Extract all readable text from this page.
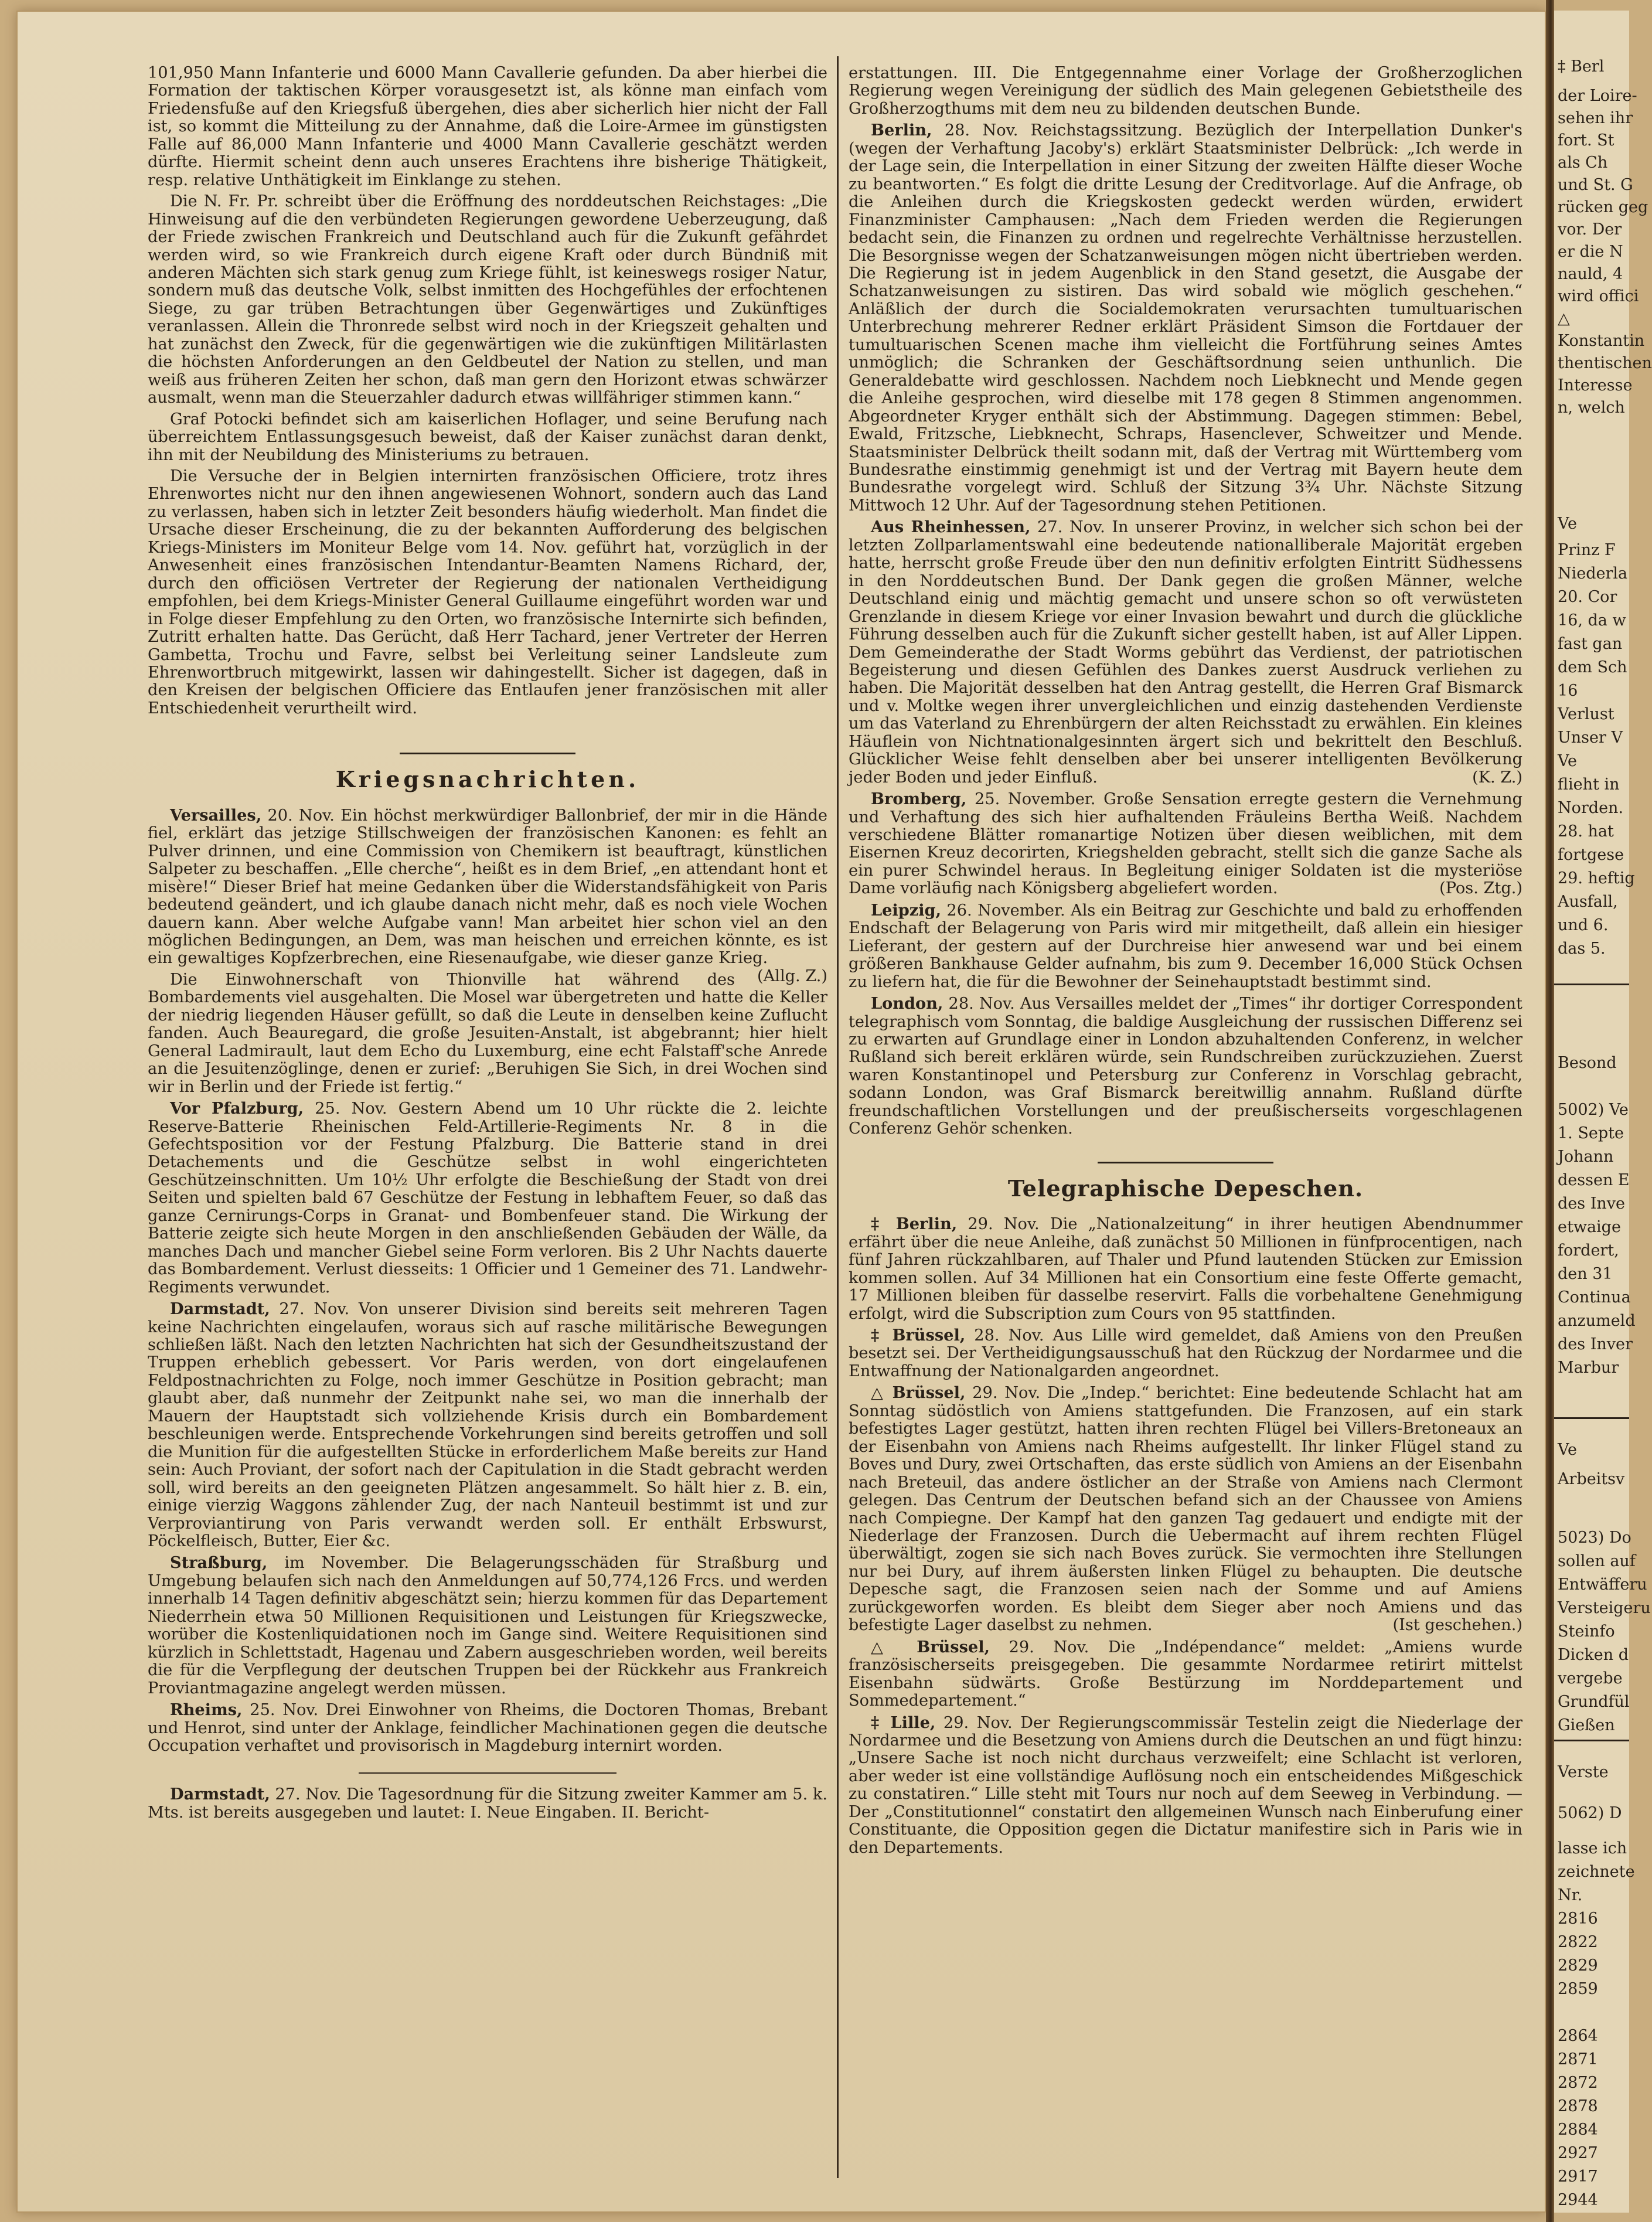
‡ Berl
der Loire-
sehen ihr
fort. St
als Ch
und St. G
rücken geg
vor. Der
er die N
nauld, 4
wird offici
△
Konstantin
thentischen
Interesse
n, welch
Ve
Prinz F
Niederla
20. Cor
16, da w
fast gan
dem Sch
16
Verlust
Unser V
Ve
flieht in
Norden.
28. hat
fortgese
29. heftig
Ausfall,
und 6.
das 5.
Besond
5002) Ve
1. Septe
Johann
dessen E
des Inve
etwaige
fordert,
den 31
Continua
anzumeld
des Inver
Marbur
Ve
Arbeitsv
5023) Do
sollen auf
Entwäfferu
Versteigeru
Steinfo
Dicken d
vergebe
Grundfül
Gießen
Verste
5062) D
lasse ich
zeichnete
Nr.
2816
2822
2829
2859
2864
2871
2872
2878
2884
2927
2917
2944

101,950 Mann Infanterie und 6000 Mann Cavallerie gefunden. Da aber hierbei die Formation der taktischen Körper vorausgesetzt ist, als könne man einfach vom Friedensfuße auf den Kriegsfuß übergehen, dies aber sicherlich hier nicht der Fall ist, so kommt die Mitteilung zu der Annahme, daß die Loire-Armee im günstigsten Falle auf 86,000 Mann Infanterie und 4000 Mann Cavallerie geschätzt werden dürfte. Hiermit scheint denn auch unseres Erachtens ihre bisherige Thätigkeit, resp. relative Unthätigkeit im Einklange zu stehen.

Die N. Fr. Pr. schreibt über die Eröffnung des norddeutschen Reichstages: „Die Hinweisung auf die den verbündeten Regierungen gewordene Ueberzeugung, daß der Friede zwischen Frankreich und Deutschland auch für die Zukunft gefährdet werden wird, so wie Frankreich durch eigene Kraft oder durch Bündniß mit anderen Mächten sich stark genug zum Kriege fühlt, ist keineswegs rosiger Natur, sondern muß das deutsche Volk, selbst inmitten des Hochgefühles der erfochtenen Siege, zu gar trüben Betrachtungen über Gegenwärtiges und Zukünftiges veranlassen. Allein die Thronrede selbst wird noch in der Kriegszeit gehalten und hat zunächst den Zweck, für die gegenwärtigen wie die zukünftigen Militärlasten die höchsten Anforderungen an den Geldbeutel der Nation zu stellen, und man weiß aus früheren Zeiten her schon, daß man gern den Horizont etwas schwärzer ausmalt, wenn man die Steuerzahler dadurch etwas willfähriger stimmen kann.“

Graf Potocki befindet sich am kaiserlichen Hoflager, und seine Berufung nach überreichtem Entlassungsgesuch beweist, daß der Kaiser zunächst daran denkt, ihn mit der Neubildung des Ministeriums zu betrauen.

Die Versuche der in Belgien internirten französischen Officiere, trotz ihres Ehrenwortes nicht nur den ihnen angewiesenen Wohnort, sondern auch das Land zu verlassen, haben sich in letzter Zeit besonders häufig wiederholt. Man findet die Ursache dieser Erscheinung, die zu der bekannten Aufforderung des belgischen Kriegs-Ministers im Moniteur Belge vom 14. Nov. geführt hat, vorzüglich in der Anwesenheit eines französischen Intendantur-Beamten Namens Richard, der, durch den officiösen Vertreter der Regierung der nationalen Vertheidigung empfohlen, bei dem Kriegs-Minister General Guillaume eingeführt worden war und in Folge dieser Empfehlung zu den Orten, wo französische Internirte sich befinden, Zutritt erhalten hatte. Das Gerücht, daß Herr Tachard, jener Vertreter der Herren Gambetta, Trochu und Favre, selbst bei Verleitung seiner Landsleute zum Ehrenwortbruch mitgewirkt, lassen wir dahingestellt. Sicher ist dagegen, daß in den Kreisen der belgischen Officiere das Entlaufen jener französischen mit aller Entschiedenheit verurtheilt wird.

Kriegsnachrichten.

Versailles, 20. Nov. Ein höchst merkwürdiger Ballonbrief, der mir in die Hände fiel, erklärt das jetzige Stillschweigen der französischen Kanonen: es fehlt an Pulver drinnen, und eine Commission von Chemikern ist beauftragt, künstlichen Salpeter zu beschaffen. „Elle cherche“, heißt es in dem Brief, „en attendant hont et misère!“ Dieser Brief hat meine Gedanken über die Widerstandsfähigkeit von Paris bedeutend geändert, und ich glaube danach nicht mehr, daß es noch viele Wochen dauern kann. Aber welche Aufgabe vann! Man arbeitet hier schon viel an den möglichen Bedingungen, an Dem, was man heischen und erreichen könnte, es ist ein gewaltiges Kopfzerbrechen, eine Riesenaufgabe, wie dieser ganze Krieg.
(Allg. Z.)

Die Einwohnerschaft von Thionville hat während des Bombardements viel ausgehalten. Die Mosel war übergetreten und hatte die Keller der niedrig liegenden Häuser gefüllt, so daß die Leute in denselben keine Zuflucht fanden. Auch Beauregard, die große Jesuiten-Anstalt, ist abgebrannt; hier hielt General Ladmirault, laut dem Echo du Luxemburg, eine echt Falstaff'sche Anrede an die Jesuitenzöglinge, denen er zurief: „Beruhigen Sie Sich, in drei Wochen sind wir in Berlin und der Friede ist fertig.“

Vor Pfalzburg, 25. Nov. Gestern Abend um 10 Uhr rückte die 2. leichte Reserve-Batterie Rheinischen Feld-Artillerie-Regiments Nr. 8 in die Gefechtsposition vor der Festung Pfalzburg. Die Batterie stand in drei Detachements und die Geschütze selbst in wohl eingerichteten Geschützeinschnitten. Um 10½ Uhr erfolgte die Beschießung der Stadt von drei Seiten und spielten bald 67 Geschütze der Festung in lebhaftem Feuer, so daß das ganze Cernirungs-Corps in Granat- und Bombenfeuer stand. Die Wirkung der Batterie zeigte sich heute Morgen in den anschließenden Gebäuden der Wälle, da manches Dach und mancher Giebel seine Form verloren. Bis 2 Uhr Nachts dauerte das Bombardement. Verlust diesseits: 1 Officier und 1 Gemeiner des 71. Landwehr-Regiments verwundet.

Darmstadt, 27. Nov. Von unserer Division sind bereits seit mehreren Tagen keine Nachrichten eingelaufen, woraus sich auf rasche militärische Bewegungen schließen läßt. Nach den letzten Nachrichten hat sich der Gesundheitszustand der Truppen erheblich gebessert. Vor Paris werden, von dort eingelaufenen Feldpostnachrichten zu Folge, noch immer Geschütze in Position gebracht; man glaubt aber, daß nunmehr der Zeitpunkt nahe sei, wo man die innerhalb der Mauern der Hauptstadt sich vollziehende Krisis durch ein Bombardement beschleunigen werde. Entsprechende Vorkehrungen sind bereits getroffen und soll die Munition für die aufgestellten Stücke in erforderlichem Maße bereits zur Hand sein: Auch Proviant, der sofort nach der Capitulation in die Stadt gebracht werden soll, wird bereits an den geeigneten Plätzen angesammelt. So hält hier z. B. ein, einige vierzig Waggons zählender Zug, der nach Nanteuil bestimmt ist und zur Verproviantirung von Paris verwandt werden soll. Er enthält Erbswurst, Pöckelfleisch, Butter, Eier &c.

Straßburg, im November. Die Belagerungsschäden für Straßburg und Umgebung belaufen sich nach den Anmeldungen auf 50,774,126 Frcs. und werden innerhalb 14 Tagen definitiv abgeschätzt sein; hierzu kommen für das Departement Niederrhein etwa 50 Millionen Requisitionen und Leistungen für Kriegszwecke, worüber die Kostenliquidationen noch im Gange sind. Weitere Requisitionen sind kürzlich in Schlettstadt, Hagenau und Zabern ausgeschrieben worden, weil bereits die für die Verpflegung der deutschen Truppen bei der Rückkehr aus Frankreich Proviantmagazine angelegt werden müssen.

Rheims, 25. Nov. Drei Einwohner von Rheims, die Doctoren Thomas, Brebant und Henrot, sind unter der Anklage, feindlicher Machinationen gegen die deutsche Occupation verhaftet und provisorisch in Magdeburg internirt worden.

Darmstadt, 27. Nov. Die Tagesordnung für die Sitzung zweiter Kammer am 5. k. Mts. ist bereits ausgegeben und lautet: I. Neue Eingaben. II. Bericht-

erstattungen. III. Die Entgegennahme einer Vorlage der Großherzoglichen Regierung wegen Vereinigung der südlich des Main gelegenen Gebietstheile des Großherzogthums mit dem neu zu bildenden deutschen Bunde.

Berlin, 28. Nov. Reichstagssitzung. Bezüglich der Interpellation Dunker's (wegen der Verhaftung Jacoby's) erklärt Staatsminister Delbrück: „Ich werde in der Lage sein, die Interpellation in einer Sitzung der zweiten Hälfte dieser Woche zu beantworten.“ Es folgt die dritte Lesung der Creditvorlage. Auf die Anfrage, ob die Anleihen durch die Kriegskosten gedeckt werden würden, erwidert Finanzminister Camphausen: „Nach dem Frieden werden die Regierungen bedacht sein, die Finanzen zu ordnen und regelrechte Verhältnisse herzustellen. Die Besorgnisse wegen der Schatzanweisungen mögen nicht übertrieben werden. Die Regierung ist in jedem Augenblick in den Stand gesetzt, die Ausgabe der Schatzanweisungen zu sistiren. Das wird sobald wie möglich geschehen.“ Anläßlich der durch die Socialdemokraten verursachten tumultuarischen Unterbrechung mehrerer Redner erklärt Präsident Simson die Fortdauer der tumultuarischen Scenen mache ihm vielleicht die Fortführung seines Amtes unmöglich; die Schranken der Geschäftsordnung seien unthunlich. Die Generaldebatte wird geschlossen. Nachdem noch Liebknecht und Mende gegen die Anleihe gesprochen, wird dieselbe mit 178 gegen 8 Stimmen angenommen. Abgeordneter Kryger enthält sich der Abstimmung. Dagegen stimmen: Bebel, Ewald, Fritzsche, Liebknecht, Schraps, Hasenclever, Schweitzer und Mende. Staatsminister Delbrück theilt sodann mit, daß der Vertrag mit Württemberg vom Bundesrathe einstimmig genehmigt ist und der Vertrag mit Bayern heute dem Bundesrathe vorgelegt wird. Schluß der Sitzung 3¾ Uhr. Nächste Sitzung Mittwoch 12 Uhr. Auf der Tagesordnung stehen Petitionen.

Aus Rheinhessen, 27. Nov. In unserer Provinz, in welcher sich schon bei der letzten Zollparlamentswahl eine bedeutende nationalliberale Majorität ergeben hatte, herrscht große Freude über den nun definitiv erfolgten Eintritt Südhessens in den Norddeutschen Bund. Der Dank gegen die großen Männer, welche Deutschland einig und mächtig gemacht und unsere schon so oft verwüsteten Grenzlande in diesem Kriege vor einer Invasion bewahrt und durch die glückliche Führung desselben auch für die Zukunft sicher gestellt haben, ist auf Aller Lippen. Dem Gemeinderathe der Stadt Worms gebührt das Verdienst, der patriotischen Begeisterung und diesen Gefühlen des Dankes zuerst Ausdruck verliehen zu haben. Die Majorität desselben hat den Antrag gestellt, die Herren Graf Bismarck und v. Moltke wegen ihrer unvergleichlichen und einzig dastehenden Verdienste um das Vaterland zu Ehrenbürgern der alten Reichsstadt zu erwählen. Ein kleines Häuflein von Nichtnationalgesinnten ärgert sich und bekrittelt den Beschluß. Glücklicher Weise fehlt denselben aber bei unserer intelligenten Bevölkerung jeder Boden und jeder Einfluß.	(K. Z.)

Bromberg, 25. November. Große Sensation erregte gestern die Vernehmung und Verhaftung des sich hier aufhaltenden Fräuleins Bertha Weiß. Nachdem verschiedene Blätter romanartige Notizen über diesen weiblichen, mit dem Eisernen Kreuz decorirten, Kriegshelden gebracht, stellt sich die ganze Sache als ein purer Schwindel heraus. In Begleitung einiger Soldaten ist die mysteriöse Dame vorläufig nach Königsberg abgeliefert worden.	(Pos. Ztg.)

Leipzig, 26. November. Als ein Beitrag zur Geschichte und bald zu erhoffenden Endschaft der Belagerung von Paris wird mir mitgetheilt, daß allein ein hiesiger Lieferant, der gestern auf der Durchreise hier anwesend war und bei einem größeren Bankhause Gelder aufnahm, bis zum 9. December 16,000 Stück Ochsen zu liefern hat, die für die Bewohner der Seinehauptstadt bestimmt sind.

London, 28. Nov. Aus Versailles meldet der „Times“ ihr dortiger Correspondent telegraphisch vom Sonntag, die baldige Ausgleichung der russischen Differenz sei zu erwarten auf Grundlage einer in London abzuhaltenden Conferenz, in welcher Rußland sich bereit erklären würde, sein Rundschreiben zurückzuziehen. Zuerst waren Konstantinopel und Petersburg zur Conferenz in Vorschlag gebracht, sodann London, was Graf Bismarck bereitwillig annahm. Rußland dürfte freundschaftlichen Vorstellungen und der preußischerseits vorgeschlagenen Conferenz Gehör schenken.

Telegraphische Depeschen.

‡ Berlin, 29. Nov. Die „Nationalzeitung“ in ihrer heutigen Abendnummer erfährt über die neue Anleihe, daß zunächst 50 Millionen in fünfprocentigen, nach fünf Jahren rückzahlbaren, auf Thaler und Pfund lautenden Stücken zur Emission kommen sollen. Auf 34 Millionen hat ein Consortium eine feste Offerte gemacht, 17 Millionen bleiben für dasselbe reservirt. Falls die vorbehaltene Genehmigung erfolgt, wird die Subscription zum Cours von 95 stattfinden.

‡ Brüssel, 28. Nov. Aus Lille wird gemeldet, daß Amiens von den Preußen besetzt sei. Der Vertheidigungsausschuß hat den Rückzug der Nordarmee und die Entwaffnung der Nationalgarden angeordnet.

△ Brüssel, 29. Nov. Die „Indep.“ berichtet: Eine bedeutende Schlacht hat am Sonntag südöstlich von Amiens stattgefunden. Die Franzosen, auf ein stark befestigtes Lager gestützt, hatten ihren rechten Flügel bei Villers-Bretoneaux an der Eisenbahn von Amiens nach Rheims aufgestellt. Ihr linker Flügel stand zu Boves und Dury, zwei Ortschaften, das erste südlich von Amiens an der Eisenbahn nach Breteuil, das andere östlicher an der Straße von Amiens nach Clermont gelegen. Das Centrum der Deutschen befand sich an der Chaussee von Amiens nach Compiegne. Der Kampf hat den ganzen Tag gedauert und endigte mit der Niederlage der Franzosen. Durch die Uebermacht auf ihrem rechten Flügel überwältigt, zogen sie sich nach Boves zurück. Sie vermochten ihre Stellungen nur bei Dury, auf ihrem äußersten linken Flügel zu behaupten. Die deutsche Depesche sagt, die Franzosen seien nach der Somme und auf Amiens zurückgeworfen worden. Es bleibt dem Sieger aber noch Amiens und das befestigte Lager daselbst zu nehmen.	(Ist geschehen.)

△ Brüssel, 29. Nov. Die „Indépendance“ meldet: „Amiens wurde französischerseits preisgegeben. Die gesammte Nordarmee retirirt mittelst Eisenbahn südwärts. Große Bestürzung im Norddepartement und Sommedepartement.“

‡ Lille, 29. Nov. Der Regierungscommissär Testelin zeigt die Niederlage der Nordarmee und die Besetzung von Amiens durch die Deutschen an und fügt hinzu: „Unsere Sache ist noch nicht durchaus verzweifelt; eine Schlacht ist verloren, aber weder ist eine vollständige Auflösung noch ein entscheidendes Mißgeschick zu constatiren.“ Lille steht mit Tours nur noch auf dem Seeweg in Verbindung. — Der „Constitutionnel“ constatirt den allgemeinen Wunsch nach Einberufung einer Constituante, die Opposition gegen die Dictatur manifestire sich in Paris wie in den Departements.
